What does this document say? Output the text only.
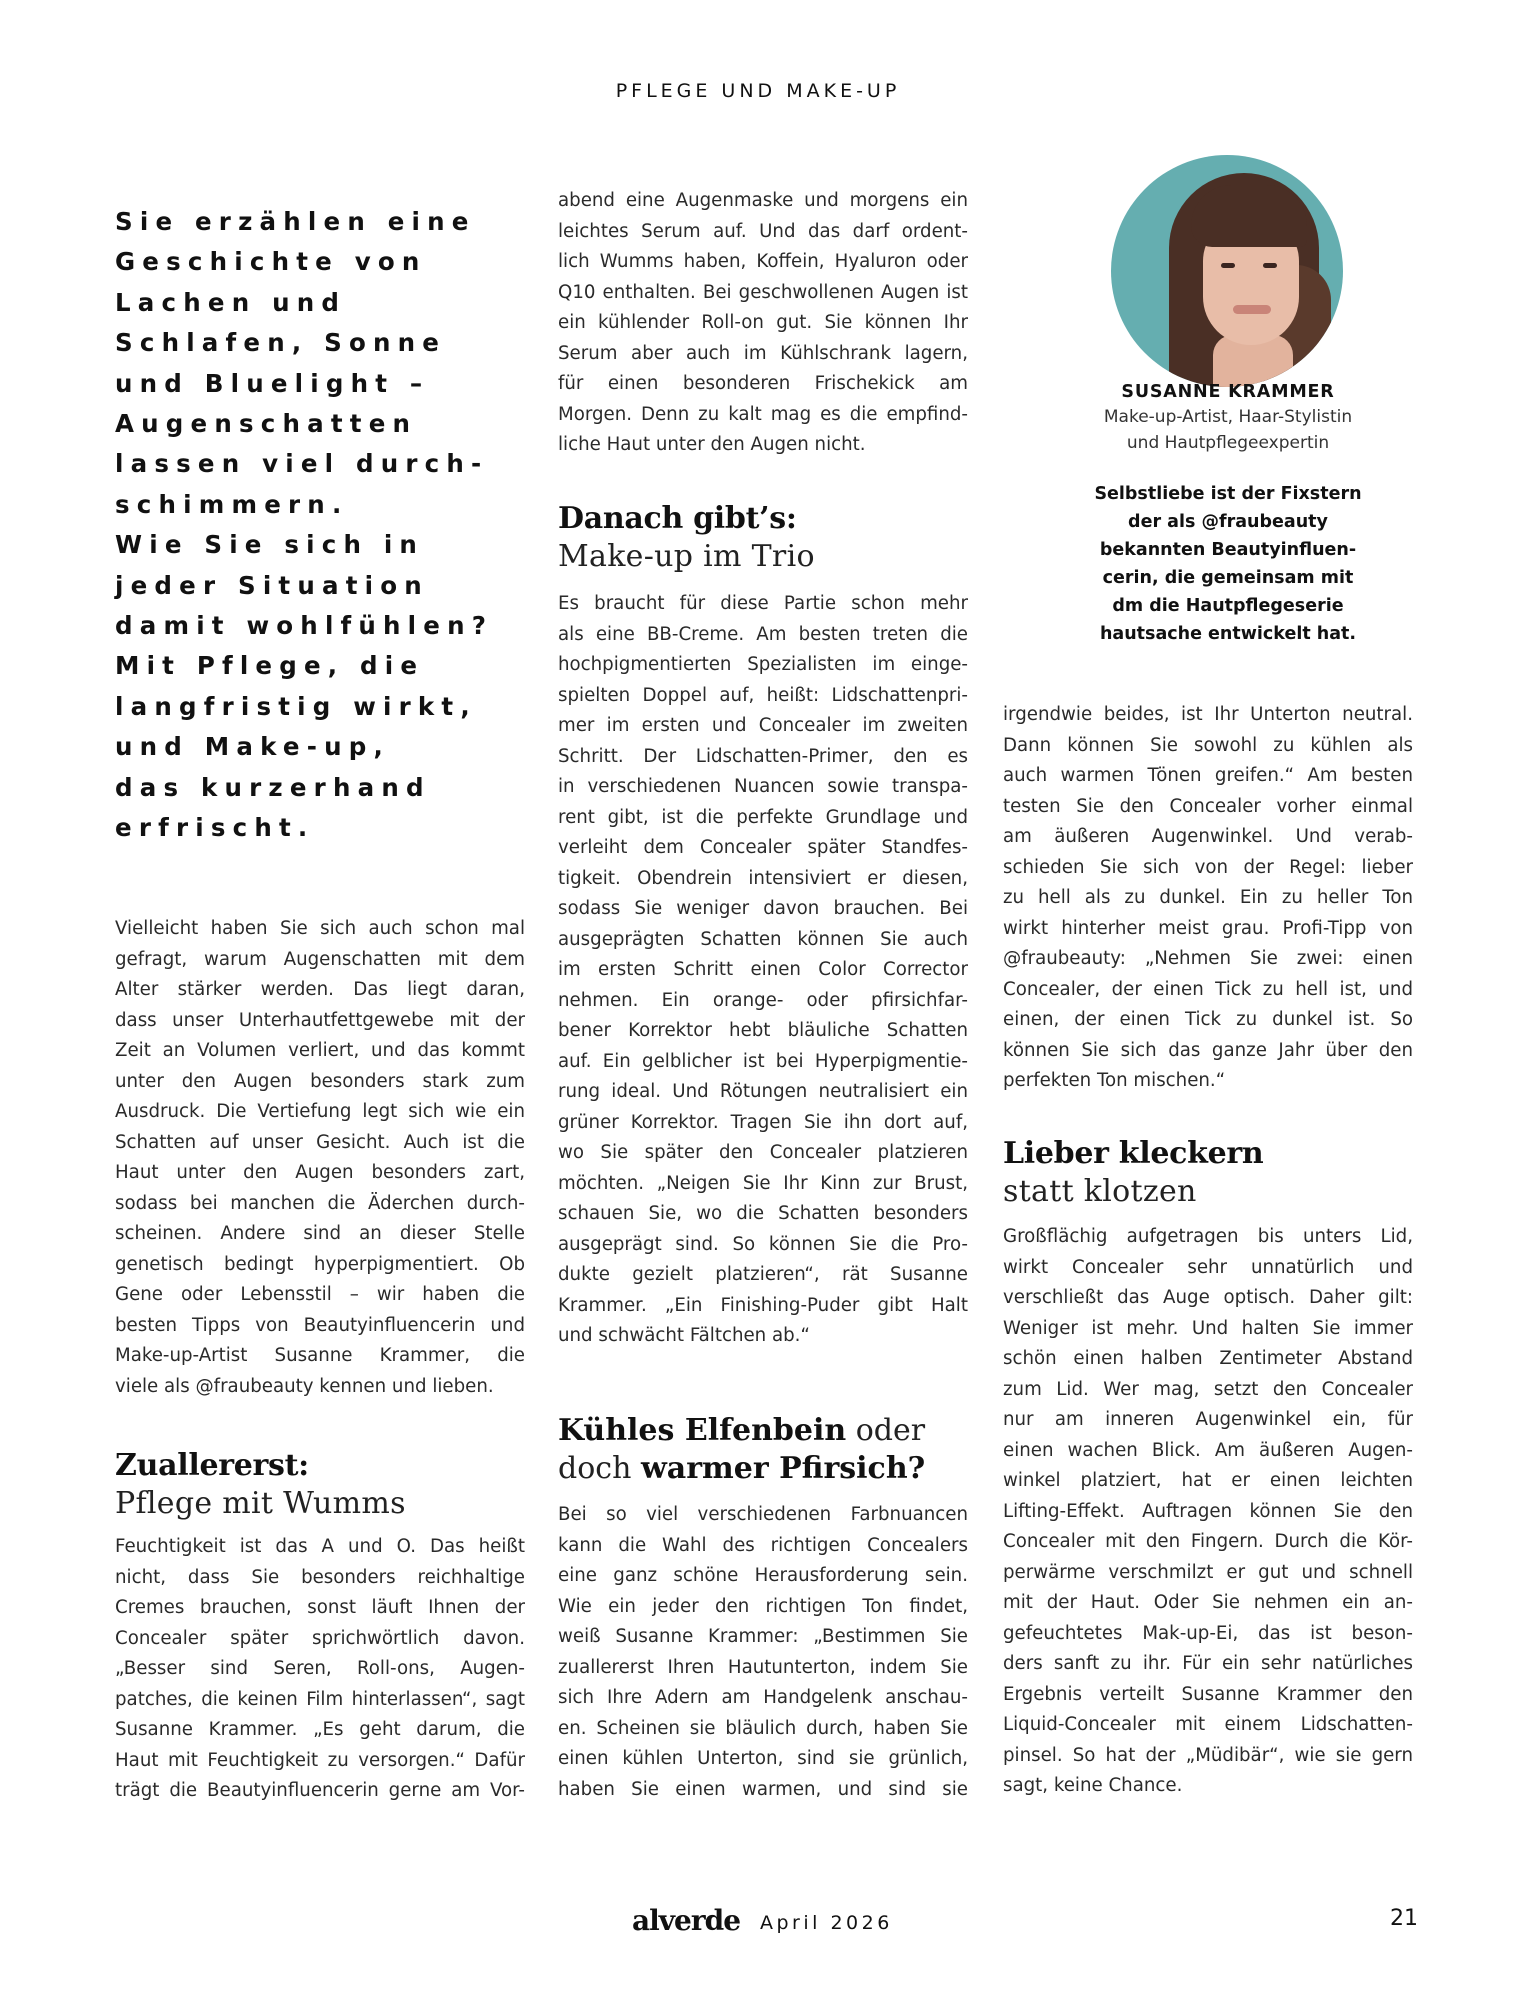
PFLEGE UND MAKE-UP
Sie erzählen eine
Geschichte von
Lachen und
Schlafen, Sonne
und Bluelight –
Augenschatten
lassen viel durch-
schimmern.
Wie Sie sich in
jeder Situation
damit wohlfühlen?
Mit Pflege, die
langfristig wirkt,
und Make-up,
das kurzerhand
erfrischt.
Vielleicht haben Sie sich auch schon mal
gefragt, warum Augenschatten mit dem
Alter stärker werden. Das liegt daran,
dass unser Unterhautfettgewebe mit der
Zeit an Volumen verliert, und das kommt
unter den Augen besonders stark zum
Ausdruck. Die Vertiefung legt sich wie ein
Schatten auf unser Gesicht. Auch ist die
Haut unter den Augen besonders zart,
sodass bei manchen die Äderchen durch-
scheinen. Andere sind an dieser Stelle
genetisch bedingt hyperpigmentiert. Ob
Gene oder Lebensstil – wir haben die
besten Tipps von Beautyinfluencerin und
Make-up-Artist Susanne Krammer, die
viele als @fraubeauty kennen und lieben.
Zuallererst:
Pflege mit Wumms
Feuchtigkeit ist das A und O. Das heißt
nicht, dass Sie besonders reichhaltige
Cremes brauchen, sonst läuft Ihnen der
Concealer später sprichwörtlich davon.
„Besser sind Seren, Roll-ons, Augen-
patches, die keinen Film hinterlassen“, sagt
Susanne Krammer. „Es geht darum, die
Haut mit Feuchtigkeit zu versorgen.“ Dafür
trägt die Beautyinfluencerin gerne am Vor-
abend eine Augenmaske und morgens ein
leichtes Serum auf. Und das darf ordent-
lich Wumms haben, Koffein, Hyaluron oder
Q10 enthalten. Bei geschwollenen Augen ist
ein kühlender Roll-on gut. Sie können Ihr
Serum aber auch im Kühlschrank lagern,
für einen besonderen Frischekick am
Morgen. Denn zu kalt mag es die empfind-
liche Haut unter den Augen nicht.
Danach gibt’s:
Make-up im Trio
Es braucht für diese Partie schon mehr
als eine BB-Creme. Am besten treten die
hochpigmentierten Spezialisten im einge-
spielten Doppel auf, heißt: Lidschattenpri-
mer im ersten und Concealer im zweiten
Schritt. Der Lidschatten-Primer, den es
in verschiedenen Nuancen sowie transpa-
rent gibt, ist die perfekte Grundlage und
verleiht dem Concealer später Standfes-
tigkeit. Obendrein intensiviert er diesen,
sodass Sie weniger davon brauchen. Bei
ausgeprägten Schatten können Sie auch
im ersten Schritt einen Color Corrector
nehmen. Ein orange- oder pfirsichfar-
bener Korrektor hebt bläuliche Schatten
auf. Ein gelblicher ist bei Hyperpigmentie-
rung ideal. Und Rötungen neutralisiert ein
grüner Korrektor. Tragen Sie ihn dort auf,
wo Sie später den Concealer platzieren
möchten. „Neigen Sie Ihr Kinn zur Brust,
schauen Sie, wo die Schatten besonders
ausgeprägt sind. So können Sie die Pro-
dukte gezielt platzieren“, rät Susanne
Krammer. „Ein Finishing-Puder gibt Halt
und schwächt Fältchen ab.“
Kühles Elfenbein oder
doch warmer Pfirsich?
Bei so viel verschiedenen Farbnuancen
kann die Wahl des richtigen Concealers
eine ganz schöne Herausforderung sein.
Wie ein jeder den richtigen Ton findet,
weiß Susanne Krammer: „Bestimmen Sie
zuallererst Ihren Hautunterton, indem Sie
sich Ihre Adern am Handgelenk anschau-
en. Scheinen sie bläulich durch, haben Sie
einen kühlen Unterton, sind sie grünlich,
haben Sie einen warmen, und sind sie
SUSANNE KRAMMER
Make-up-Artist, Haar-Stylistin
und Hautpflegeexpertin
Selbstliebe ist der Fixstern
der als @fraubeauty
bekannten Beautyinfluen-
cerin, die gemeinsam mit
dm die Hautpflegeserie
hautsache entwickelt hat.
irgendwie beides, ist Ihr Unterton neutral.
Dann können Sie sowohl zu kühlen als
auch warmen Tönen greifen.“ Am besten
testen Sie den Concealer vorher einmal
am äußeren Augenwinkel. Und verab-
schieden Sie sich von der Regel: lieber
zu hell als zu dunkel. Ein zu heller Ton
wirkt hinterher meist grau. Profi-Tipp von
@fraubeauty: „Nehmen Sie zwei: einen
Concealer, der einen Tick zu hell ist, und
einen, der einen Tick zu dunkel ist. So
können Sie sich das ganze Jahr über den
perfekten Ton mischen.“
Lieber kleckern
statt klotzen
Großflächig aufgetragen bis unters Lid,
wirkt Concealer sehr unnatürlich und
verschließt das Auge optisch. Daher gilt:
Weniger ist mehr. Und halten Sie immer
schön einen halben Zentimeter Abstand
zum Lid. Wer mag, setzt den Concealer
nur am inneren Augenwinkel ein, für
einen wachen Blick. Am äußeren Augen-
winkel platziert, hat er einen leichten
Lifting-Effekt. Auftragen können Sie den
Concealer mit den Fingern. Durch die Kör-
perwärme verschmilzt er gut und schnell
mit der Haut. Oder Sie nehmen ein an-
gefeuchtetes Mak-up-Ei, das ist beson-
ders sanft zu ihr. Für ein sehr natürliches
Ergebnis verteilt Susanne Krammer den
Liquid-Concealer mit einem Lidschatten-
pinsel. So hat der „Müdibär“, wie sie gern
sagt, keine Chance.
alverde April 2026	21
